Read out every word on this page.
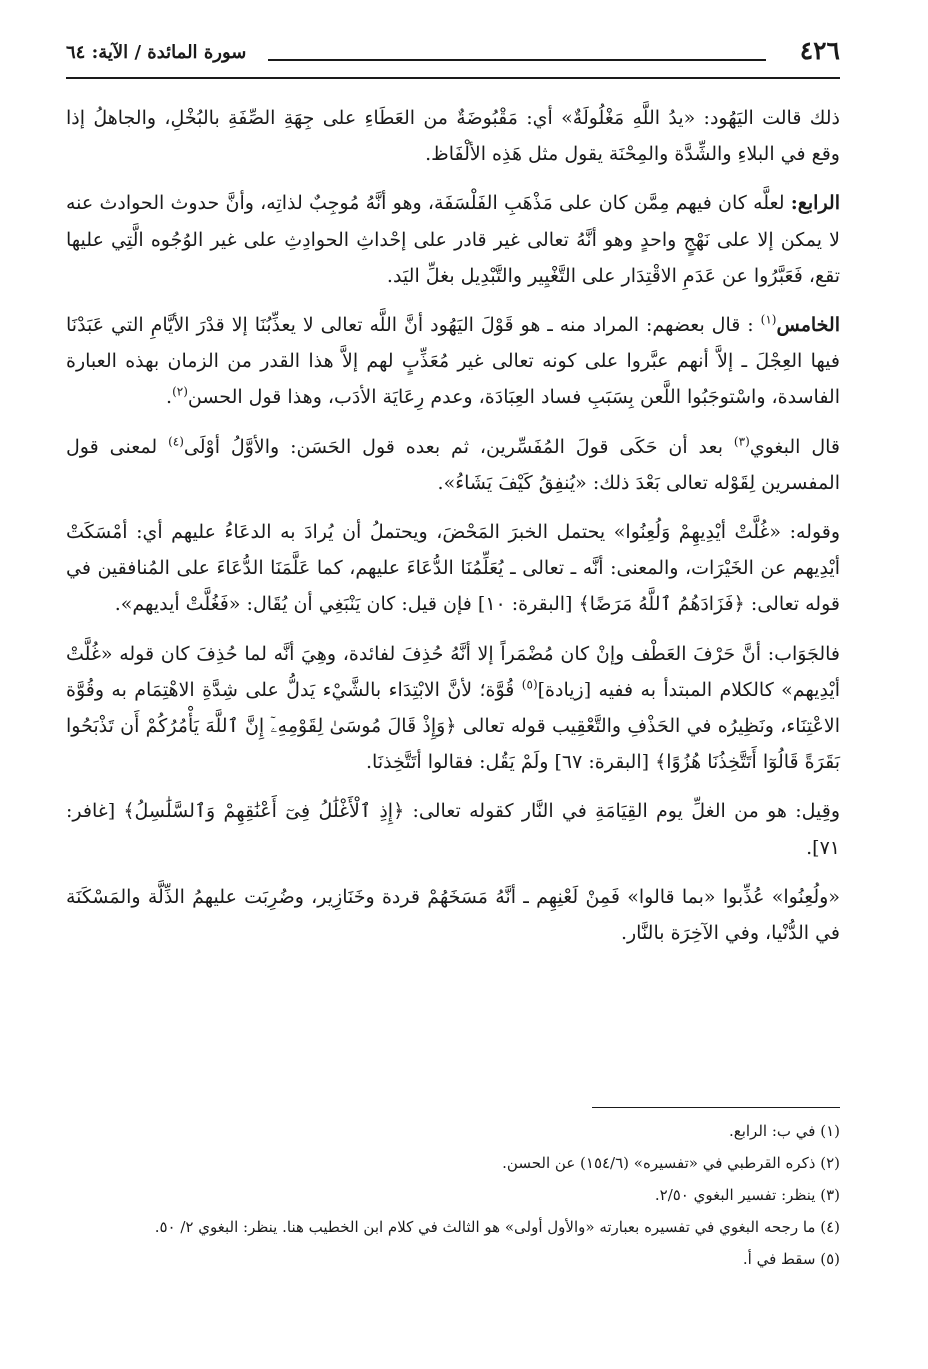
٤٢٦
سورة المائدة / الآية: ٦٤

ذلك قالت اليَهُود: «يدُ اللَّهِ مَغْلُولَةٌ» أي: مَقْبُوضَةٌ من العَطَاءِ على جِهَةِ الصِّفَةِ بالبُخْلِ، والجاهلُ إذا وقع في البلاءِ والشِّدَّة والمِحْنَة يقول مثل هَذِه الألْفَاظ.

الرابع: لعلَّه كان فيهم مِمَّن كان على مَذْهَبِ الفَلْسَفَة، وهو أنَّهُ مُوجِبٌ لذاتِه، وأنَّ حدوث الحوادث عنه لا يمكن إلا على نَهْجٍ واحدٍ وهو أنَّهُ تعالى غير قادر على إحْداثِ الحوادِثِ على غير الوُجُوه الَّتِي عليها تقع، فَعَبَّرُوا عن عَدَمِ الاقْتِدَار على التَّغْيِير والتَّبْدِيل بغلِّ اليَد.

الخامس$^{(١)}$ : قال بعضهم: المراد منه ـ هو قَوْلَ اليَهُود أنَّ اللَّه تعالى لا يعذِّبُنَا إلا قدْرَ الأيَّامِ التي عَبَدْنَا فيها العِجْلَ ـ إلاَّ أنهم عبَّروا على كونه تعالى غير مُعَذِّبٍ لهم إلاَّ هذا القدر من الزمان بهذه العبارة الفاسدة، واسْتوجَبُوا اللَّعن بِسَبَبِ فساد العِبَادَة، وعدم رِعَايَة الأدَب، وهذا قول الحسن$^{(٢)}$.

قال البغوي$^{(٣)}$ بعد أن حَكَى قولَ المُفَسِّرين، ثم بعده قول الحَسَن: والأوَّلُ أوْلَى$^{(٤)}$ لمعنى قول المفسرين لِقَوْله تعالى بَعْدَ ذلك: «يُنفِقُ كَيْفَ يَشَاءُ».

وقوله: «غُلَّتْ أيْدِيهِمْ وَلُعِنُوا» يحتمل الخبرَ المَحْضَ، ويحتملُ أن يُرادَ به الدعَاءُ عليهم أي: أمْسَكَتْ أيْدِيهم عن الخَيْرَات، والمعنى: أنَّه ـ تعالى ـ يُعَلِّمُنَا الدُّعَاءَ عليهم، كما عَلَّمَنَا الدُّعَاءَ على المُنافقين في قوله تعالى: ﴿فَزَادَهُمُ ٱللَّهُ مَرَضًا﴾ [البقرة: ١٠] فإن قيل: كان يَنْبَغِي أن يُقَال: «فَغُلَّتْ أيديهم».

فالجَوَاب: أنَّ حَرْفَ العَطْف وإنْ كان مُضْمَراً إلا أنَّهُ حُذِفَ لفائدة، وهِيَ أنَّه لما حُذِفَ كان قوله «غُلَّتْ أيْدِيهم» كالكلام المبتدأ به ففيه [زيادة]$^{(٥)}$ قُوَّة؛ لأنَّ الابْتِدَاء بالشَّيْء يَدلُّ على شِدَّةِ الاهْتِمَام به وقُوَّة الاعْتِنَاء، ونَظِيرُه في الحَذْفِ والتَّعْقِيب قوله تعالى ﴿وَإِذْ قَالَ مُوسَىٰ لِقَوْمِهِۦٓ إِنَّ ٱللَّهَ يَأْمُرُكُمْ أَن تَذْبَحُوا بَقَرَةً قَالُوٓا أَتَتَّخِذُنَا هُزُوًا﴾ [البقرة: ٦٧] ولَمْ يَقُل: فقالوا أتَتَّخِذنَا.

وقِيل: هو من الغلِّ يوم القِيَامَةِ في النَّار كقوله تعالى: ﴿إِذِ ٱلْأَغْلَٰلُ فِىٓ أَعْنَٰقِهِمْ وَٱلسَّلَٰسِلُ﴾ [غافر: ٧١].

«ولُعِنُوا» عُذِّبوا «بما قالوا» فَمِنْ لَعْنِهِم ـ أنَّهُ مَسَخَهُمْ قردة وخَنَازِير، وضُرِبَت عليهمُ الذِّلَّة والمَسْكَنَة في الدُّنْيا، وفي الآخِرَة بالنَّار.

(١) في ب: الرابع.
(٢) ذكره القرطبي في «تفسيره» (١٥٤/٦) عن الحسن.
(٣) ينظر: تفسير البغوي ٢/٥٠.
(٤) ما رجحه البغوي في تفسيره بعبارته «والأول أولى» هو الثالث في كلام ابن الخطيب هنا. ينظر: البغوي ٢/ ٥٠.
(٥) سقط في أ.
